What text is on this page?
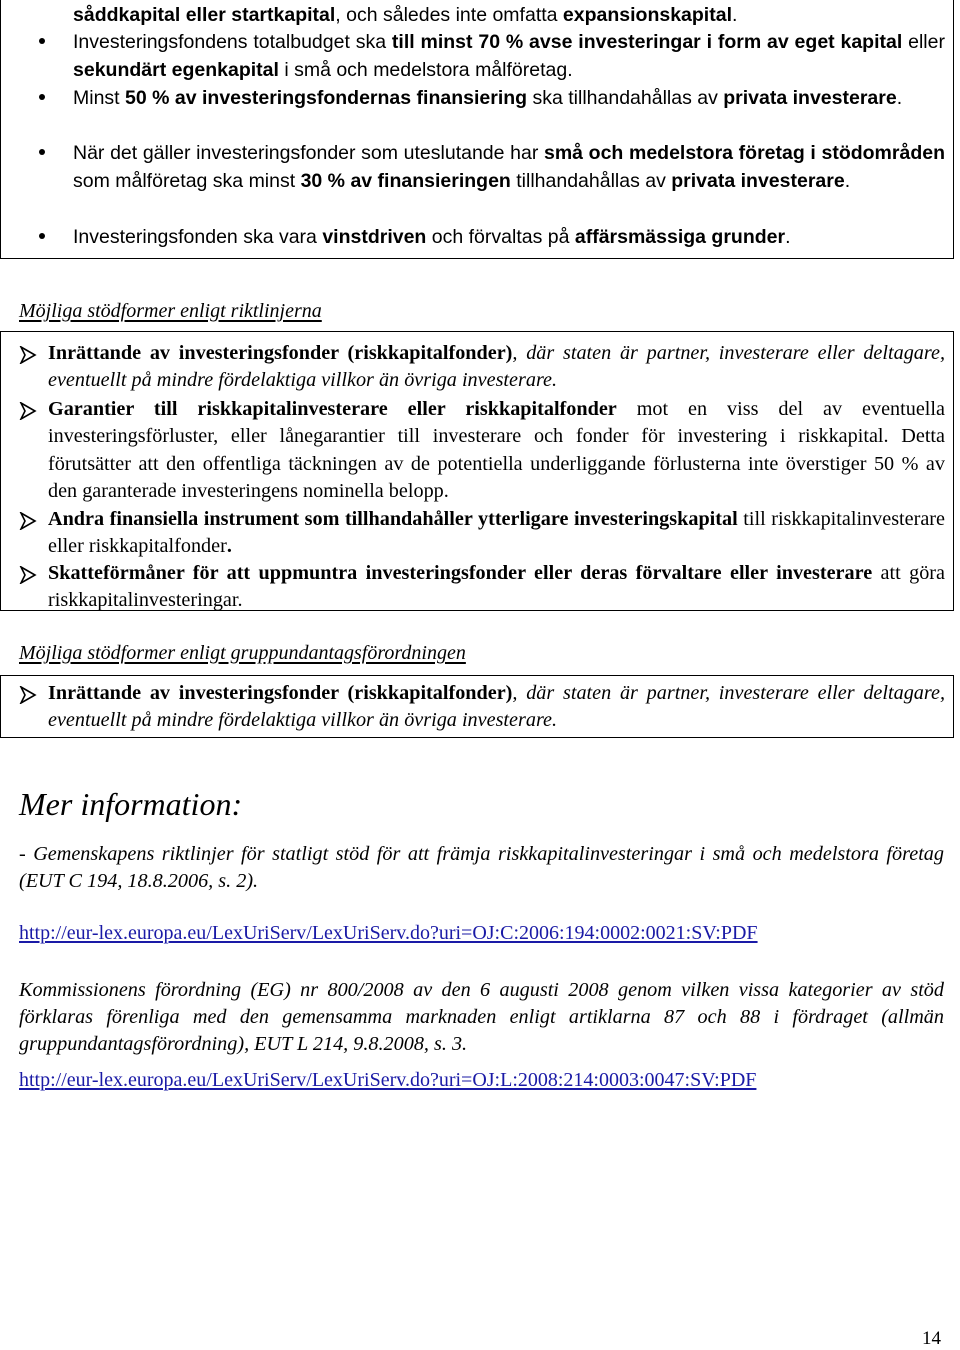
såddkapital eller startkapital, och således inte omfatta expansionskapital.
Investeringsfondens totalbudget ska till minst 70 % avse investeringar i form av eget kapital eller sekundärt egenkapital i små och medelstora målföretag.
Minst 50 % av investeringsfondernas finansiering ska tillhandahållas av privata investerare.
När det gäller investeringsfonder som uteslutande har små och medelstora företag i stödområden som målföretag ska minst 30 % av finansieringen tillhandahållas av privata investerare.
Investeringsfonden ska vara vinstdriven och förvaltas på affärsmässiga grunder.
Möjliga stödformer enligt riktlinjerna
Inrättande av investeringsfonder (riskkapitalfonder), där staten är partner, investerare eller deltagare, eventuellt på mindre fördelaktiga villkor än övriga investerare.
Garantier till riskkapitalinvesterare eller riskkapitalfonder mot en viss del av eventuella investeringsförluster, eller lånegarantier till investerare och fonder för investering i riskkapital. Detta förutsätter att den offentliga täckningen av de potentiella underliggande förlusterna inte överstiger 50 % av den garanterade investeringens nominella belopp.
Andra finansiella instrument som tillhandahåller ytterligare investeringskapital till riskkapitalinvesterare eller riskkapitalfonder.
Skatteförmåner för att uppmuntra investeringsfonder eller deras förvaltare eller investerare att göra riskkapitalinvesteringar.
Möjliga stödformer enligt gruppundantagsförordningen
Inrättande av investeringsfonder (riskkapitalfonder), där staten är partner, investerare eller deltagare, eventuellt på mindre fördelaktiga villkor än övriga investerare.
Mer information:
- Gemenskapens riktlinjer för statligt stöd för att främja riskkapitalinvesteringar i små och medelstora företag (EUT C 194, 18.8.2006, s. 2).
http://eur-lex.europa.eu/LexUriServ/LexUriServ.do?uri=OJ:C:2006:194:0002:0021:SV:PDF
Kommissionens förordning (EG) nr 800/2008 av den 6 augusti 2008 genom vilken vissa kategorier av stöd förklaras förenliga med den gemensamma marknaden enligt artiklarna 87 och 88 i fördraget (allmän gruppundantagsförordning), EUT L 214, 9.8.2008, s. 3.
http://eur-lex.europa.eu/LexUriServ/LexUriServ.do?uri=OJ:L:2008:214:0003:0047:SV:PDF
14
